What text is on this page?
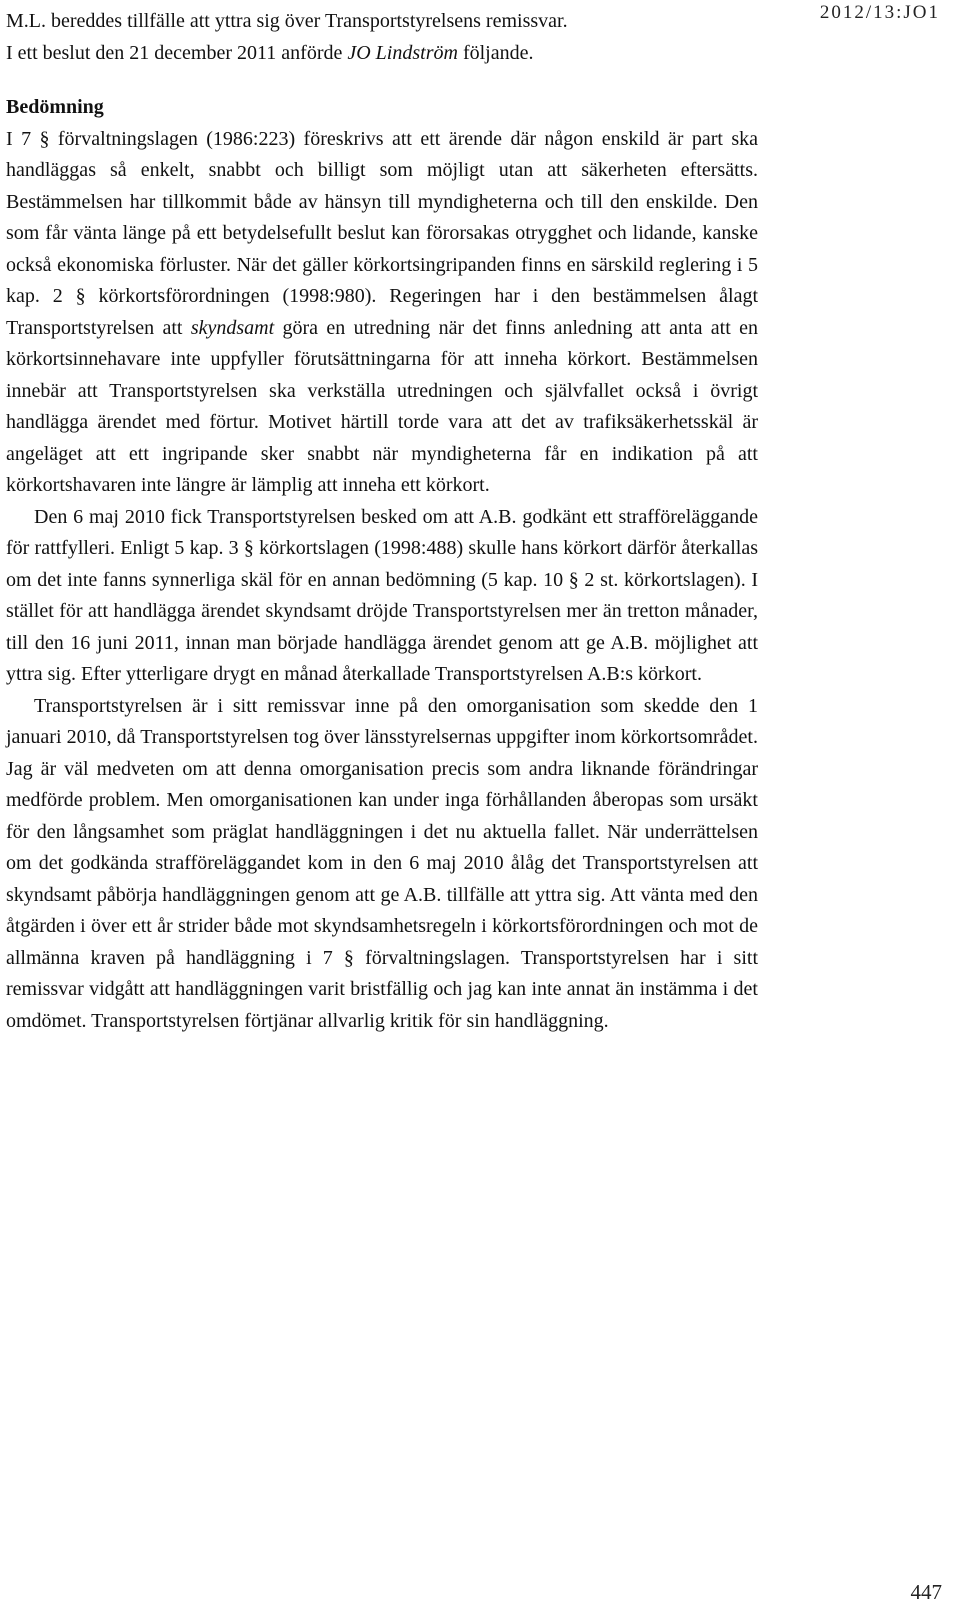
2012/13:JO1

M.L. bereddes tillfälle att yttra sig över Transportstyrelsens remissvar.

I ett beslut den 21 december 2011 anförde JO Lindström följande.

Bedömning

I 7 § förvaltningslagen (1986:223) föreskrivs att ett ärende där någon enskild är part ska handläggas så enkelt, snabbt och billigt som möjligt utan att säkerheten eftersätts. Bestämmelsen har tillkommit både av hänsyn till myndigheterna och till den enskilde. Den som får vänta länge på ett betydelsefullt beslut kan förorsakas otrygghet och lidande, kanske också ekonomiska förluster. När det gäller körkortsingripanden finns en särskild reglering i 5 kap. 2 § körkortsförordningen (1998:980). Regeringen har i den bestämmelsen ålagt Transportstyrelsen att skyndsamt göra en utredning när det finns anledning att anta att en körkortsinnehavare inte uppfyller förutsättningarna för att inneha körkort. Bestämmelsen innebär att Transportstyrelsen ska verkställa utredningen och självfallet också i övrigt handlägga ärendet med förtur. Motivet härtill torde vara att det av trafiksäkerhetsskäl är angeläget att ett ingripande sker snabbt när myndigheterna får en indikation på att körkortshavaren inte längre är lämplig att inneha ett körkort.

Den 6 maj 2010 fick Transportstyrelsen besked om att A.B. godkänt ett strafföreläggande för rattfylleri. Enligt 5 kap. 3 § körkortslagen (1998:488) skulle hans körkort därför återkallas om det inte fanns synnerliga skäl för en annan bedömning (5 kap. 10 § 2 st. körkortslagen). I stället för att handlägga ärendet skyndsamt dröjde Transportstyrelsen mer än tretton månader, till den 16 juni 2011, innan man började handlägga ärendet genom att ge A.B. möjlighet att yttra sig. Efter ytterligare drygt en månad återkallade Transportstyrelsen A.B:s körkort.

Transportstyrelsen är i sitt remissvar inne på den omorganisation som skedde den 1 januari 2010, då Transportstyrelsen tog över länsstyrelsernas uppgifter inom körkortsområdet. Jag är väl medveten om att denna omorganisation precis som andra liknande förändringar medförde problem. Men omorganisationen kan under inga förhållanden åberopas som ursäkt för den långsamhet som präglat handläggningen i det nu aktuella fallet. När underrättelsen om det godkända strafföreläggandet kom in den 6 maj 2010 ålåg det Transportstyrelsen att skyndsamt påbörja handläggningen genom att ge A.B. tillfälle att yttra sig. Att vänta med den åtgärden i över ett år strider både mot skyndsamhetsregeln i körkortsförordningen och mot de allmänna kraven på handläggning i 7 § förvaltningslagen. Transportstyrelsen har i sitt remissvar vidgått att handläggningen varit bristfällig och jag kan inte annat än instämma i det omdömet. Transportstyrelsen förtjänar allvarlig kritik för sin handläggning.

447
